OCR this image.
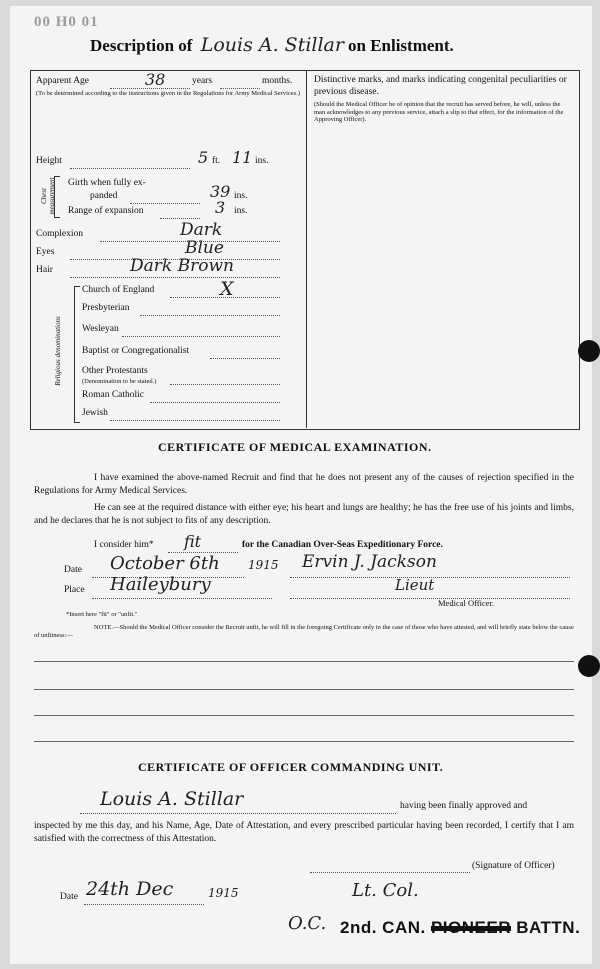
00 H0 01
Description of Louis A. Stillar on Enlistment.
Apparent Age	38	years	months.
(To be determined according to the instructions given in the Regulations for Army Medical Services.)
Height	5 ft. 11 ins.
Chest measurement Girth when fully ex-
panded	39 ins.
Range of expansion	3 ins.
Complexion	Dark
Eyes	Blue
Hair	Dark Brown
Religious denominations
Church of England	X
Presbyterian
Wesleyan
Baptist or Congregationalist
Other Protestants
(Denomination to be stated.)
Roman Catholic
Jewish
Distinctive marks, and marks indicating congenital peculiarities or previous disease.
(Should the Medical Officer be of opinion that the recruit has served before, he will, unless the man acknowledges to any previous service, attach a slip to that effect, for the information of the Approving Officer).
CERTIFICATE OF MEDICAL EXAMINATION.
I have examined the above-named Recruit and find that he does not present any of the causes of rejection specified in the Regulations for Army Medical Services.
He can see at the required distance with either eye; his heart and lungs are healthy; he has the free use of his joints and limbs, and he declares that he is not subject to fits of any description.
I consider him* fit	for the Canadian Over-Seas Expeditionary Force.
Date October 6th 1915 Ervin J. Jackson
Place Haileybury	Lieut
Medical Officer.
*Insert here "fit" or "unfit."
NOTE.—Should the Medical Officer consider the Recruit unfit, he will fill in the foregoing Certificate only in the case of those who have attested, and will briefly state below the cause of unfitness:—
CERTIFICATE OF OFFICER COMMANDING UNIT.
Louis A. Stillar	having been finally approved and
inspected by me this day, and his Name, Age, Date of Attestation, and every prescribed particular having been recorded, I certify that I am satisfied with the correctness of this Attestation.
(Signature of Officer)
Date 24th Dec	1915	Lt. Col.
O.C. 2nd. CAN. PIONEER BATTN.
